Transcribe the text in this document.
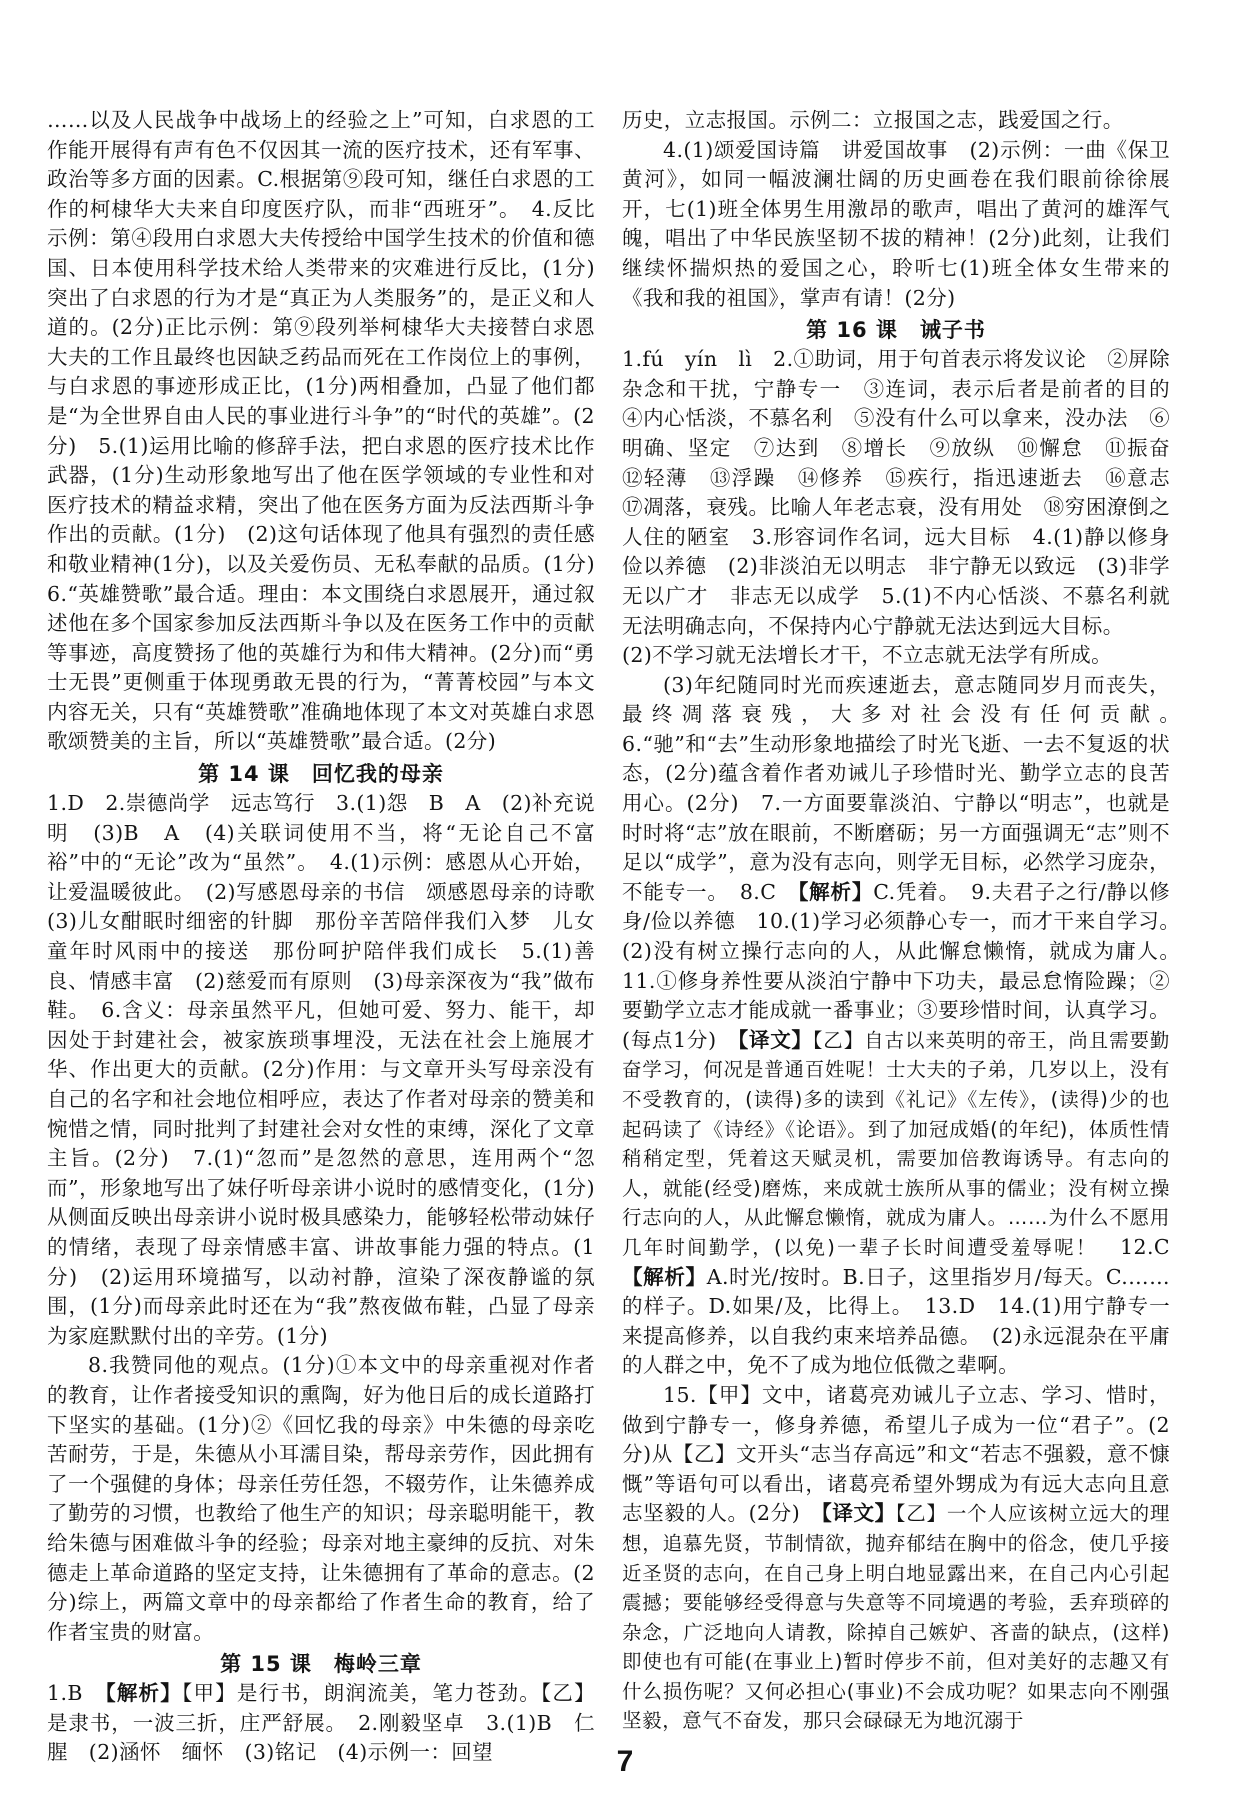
……以及人民战争中战场上的经验之上”可知，白求恩的工作能开展得有声有色不仅因其一流的医疗技术，还有军事、政治等多方面的因素。C.根据第⑨段可知，继任白求恩的工作的柯棣华大夫来自印度医疗队，而非“西班牙”。　4.反比示例：第④段用白求恩大夫传授给中国学生技术的价值和德国、日本使用科学技术给人类带来的灾难进行反比，(1分)突出了白求恩的行为才是“真正为人类服务”的，是正义和人道的。(2分)正比示例：第⑨段列举柯棣华大夫接替白求恩大夫的工作且最终也因缺乏药品而死在工作岗位上的事例，与白求恩的事迹形成正比，(1分)两相叠加，凸显了他们都是“为全世界自由人民的事业进行斗争”的“时代的英雄”。(2分)　5.(1)运用比喻的修辞手法，把白求恩的医疗技术比作武器，(1分)生动形象地写出了他在医学领域的专业性和对医疗技术的精益求精，突出了他在医务方面为反法西斯斗争作出的贡献。(1分)　(2)这句话体现了他具有强烈的责任感和敬业精神(1分)，以及关爱伤员、无私奉献的品质。(1分)　6.“英雄赞歌”最合适。理由：本文围绕白求恩展开，通过叙述他在多个国家参加反法西斯斗争以及在医务工作中的贡献等事迹，高度赞扬了他的英雄行为和伟大精神。(2分)而“勇士无畏”更侧重于体现勇敢无畏的行为，“菁菁校园”与本文内容无关，只有“英雄赞歌”准确地体现了本文对英雄白求恩歌颂赞美的主旨，所以“英雄赞歌”最合适。(2分)

第 14 课　回忆我的母亲

1.D　2.崇德尚学　远志笃行　3.(1)怨　B　A　(2)补充说明　(3)B　A　(4)关联词使用不当，将“无论自己不富裕”中的“无论”改为“虽然”。　4.(1)示例：感恩从心开始，让爱温暖彼此。　(2)写感恩母亲的书信　颂感恩母亲的诗歌　(3)儿女酣眠时细密的针脚　那份辛苦陪伴我们入梦　儿女童年时风雨中的接送　那份呵护陪伴我们成长　5.(1)善良、情感丰富　(2)慈爱而有原则　(3)母亲深夜为“我”做布鞋。　6.含义：母亲虽然平凡，但她可爱、努力、能干，却因处于封建社会，被家族琐事埋没，无法在社会上施展才华、作出更大的贡献。(2分)作用：与文章开头写母亲没有自己的名字和社会地位相呼应，表达了作者对母亲的赞美和惋惜之情，同时批判了封建社会对女性的束缚，深化了文章主旨。(2分)　7.(1)“忽而”是忽然的意思，连用两个“忽而”，形象地写出了妹仔听母亲讲小说时的感情变化，(1分)从侧面反映出母亲讲小说时极具感染力，能够轻松带动妹仔的情绪，表现了母亲情感丰富、讲故事能力强的特点。(1分)　(2)运用环境描写，以动衬静，渲染了深夜静谧的氛围，(1分)而母亲此时还在为“我”熬夜做布鞋，凸显了母亲为家庭默默付出的辛劳。(1分)

8.我赞同他的观点。(1分)①本文中的母亲重视对作者的教育，让作者接受知识的熏陶，好为他日后的成长道路打下坚实的基础。(1分)②《回忆我的母亲》中朱德的母亲吃苦耐劳，于是，朱德从小耳濡目染，帮母亲劳作，因此拥有了一个强健的身体；母亲任劳任怨，不辍劳作，让朱德养成了勤劳的习惯，也教给了他生产的知识；母亲聪明能干，教给朱德与困难做斗争的经验；母亲对地主豪绅的反抗、对朱德走上革命道路的坚定支持，让朱德拥有了革命的意志。(2分)综上，两篇文章中的母亲都给了作者生命的教育，给了作者宝贵的财富。

第 15 课　梅岭三章

1.B　【解析】【甲】是行书，朗润流美，笔力苍劲。【乙】是隶书，一波三折，庄严舒展。　2.刚毅坚卓　3.(1)B　仁　腥　(2)涵怀　缅怀　(3)铭记　(4)示例一：回望

历史，立志报国。示例二：立报国之志，践爱国之行。

4.(1)颂爱国诗篇　讲爱国故事　(2)示例：一曲《保卫黄河》，如同一幅波澜壮阔的历史画卷在我们眼前徐徐展开，七(1)班全体男生用激昂的歌声，唱出了黄河的雄浑气魄，唱出了中华民族坚韧不拔的精神！(2分)此刻，让我们继续怀揣炽热的爱国之心，聆听七(1)班全体女生带来的《我和我的祖国》，掌声有请！(2分)

第 16 课　诫子书

1.fú　yín　lì　2.①助词，用于句首表示将发议论　②屏除杂念和干扰，宁静专一　③连词，表示后者是前者的目的　④内心恬淡，不慕名利　⑤没有什么可以拿来，没办法　⑥明确、坚定　⑦达到　⑧增长　⑨放纵　⑩懈怠　⑪振奋　⑫轻薄　⑬浮躁　⑭修养　⑮疾行，指迅速逝去　⑯意志　⑰凋落，衰残。比喻人年老志衰，没有用处　⑱穷困潦倒之人住的陋室　3.形容词作名词，远大目标　4.(1)静以修身　俭以养德　(2)非淡泊无以明志　非宁静无以致远　(3)非学无以广才　非志无以成学　5.(1)不内心恬淡、不慕名利就无法明确志向，不保持内心宁静就无法达到远大目标。

(2)不学习就无法增长才干，不立志就无法学有所成。

(3)年纪随同时光而疾速逝去，意志随同岁月而丧失，最终凋落衰残，大多对社会没有任何贡献。　6.“驰”和“去”生动形象地描绘了时光飞逝、一去不复返的状态，(2分)蕴含着作者劝诫儿子珍惜时光、勤学立志的良苦用心。(2分)　7.一方面要靠淡泊、宁静以“明志”，也就是时时将“志”放在眼前，不断磨砺；另一方面强调无“志”则不足以“成学”，意为没有志向，则学无目标，必然学习庞杂，不能专一。　8.C　【解析】C.凭着。　9.夫君子之行/静以修身/俭以养德　10.(1)学习必须静心专一，而才干来自学习。　(2)没有树立操行志向的人，从此懈怠懒惰，就成为庸人。　11.①修身养性要从淡泊宁静中下功夫，最忌怠惰险躁；②要勤学立志才能成就一番事业；③要珍惜时间，认真学习。(每点1分)　【译文】【乙】自古以来英明的帝王，尚且需要勤奋学习，何况是普通百姓呢！士大夫的子弟，几岁以上，没有不受教育的，(读得)多的读到《礼记》《左传》，(读得)少的也起码读了《诗经》《论语》。到了加冠成婚(的年纪)，体质性情稍稍定型，凭着这天赋灵机，需要加倍教诲诱导。有志向的人，就能(经受)磨炼，来成就士族所从事的儒业；没有树立操行志向的人，从此懈怠懒惰，就成为庸人。……为什么不愿用几年时间勤学，(以免)一辈子长时间遭受羞辱呢！　12.C　【解析】A.时光/按时。B.日子，这里指岁月/每天。C.……的样子。D.如果/及，比得上。　13.D　14.(1)用宁静专一来提高修养，以自我约束来培养品德。　(2)永远混杂在平庸的人群之中，免不了成为地位低微之辈啊。

15.【甲】文中，诸葛亮劝诫儿子立志、学习、惜时，做到宁静专一，修身养德，希望儿子成为一位“君子”。(2分)从【乙】文开头“志当存高远”和文“若志不强毅，意不慷慨”等语句可以看出，诸葛亮希望外甥成为有远大志向且意志坚毅的人。(2分)　【译文】【乙】一个人应该树立远大的理想，追慕先贤，节制情欲，抛弃郁结在胸中的俗念，使几乎接近圣贤的志向，在自己身上明白地显露出来，在自己内心引起震撼；要能够经受得意与失意等不同境遇的考验，丢弃琐碎的杂念，广泛地向人请教，除掉自己嫉妒、吝啬的缺点，(这样)即使也有可能(在事业上)暂时停步不前，但对美好的志趣又有什么损伤呢？又何必担心(事业)不会成功呢？如果志向不刚强坚毅，意气不奋发，那只会碌碌无为地沉溺于

7
